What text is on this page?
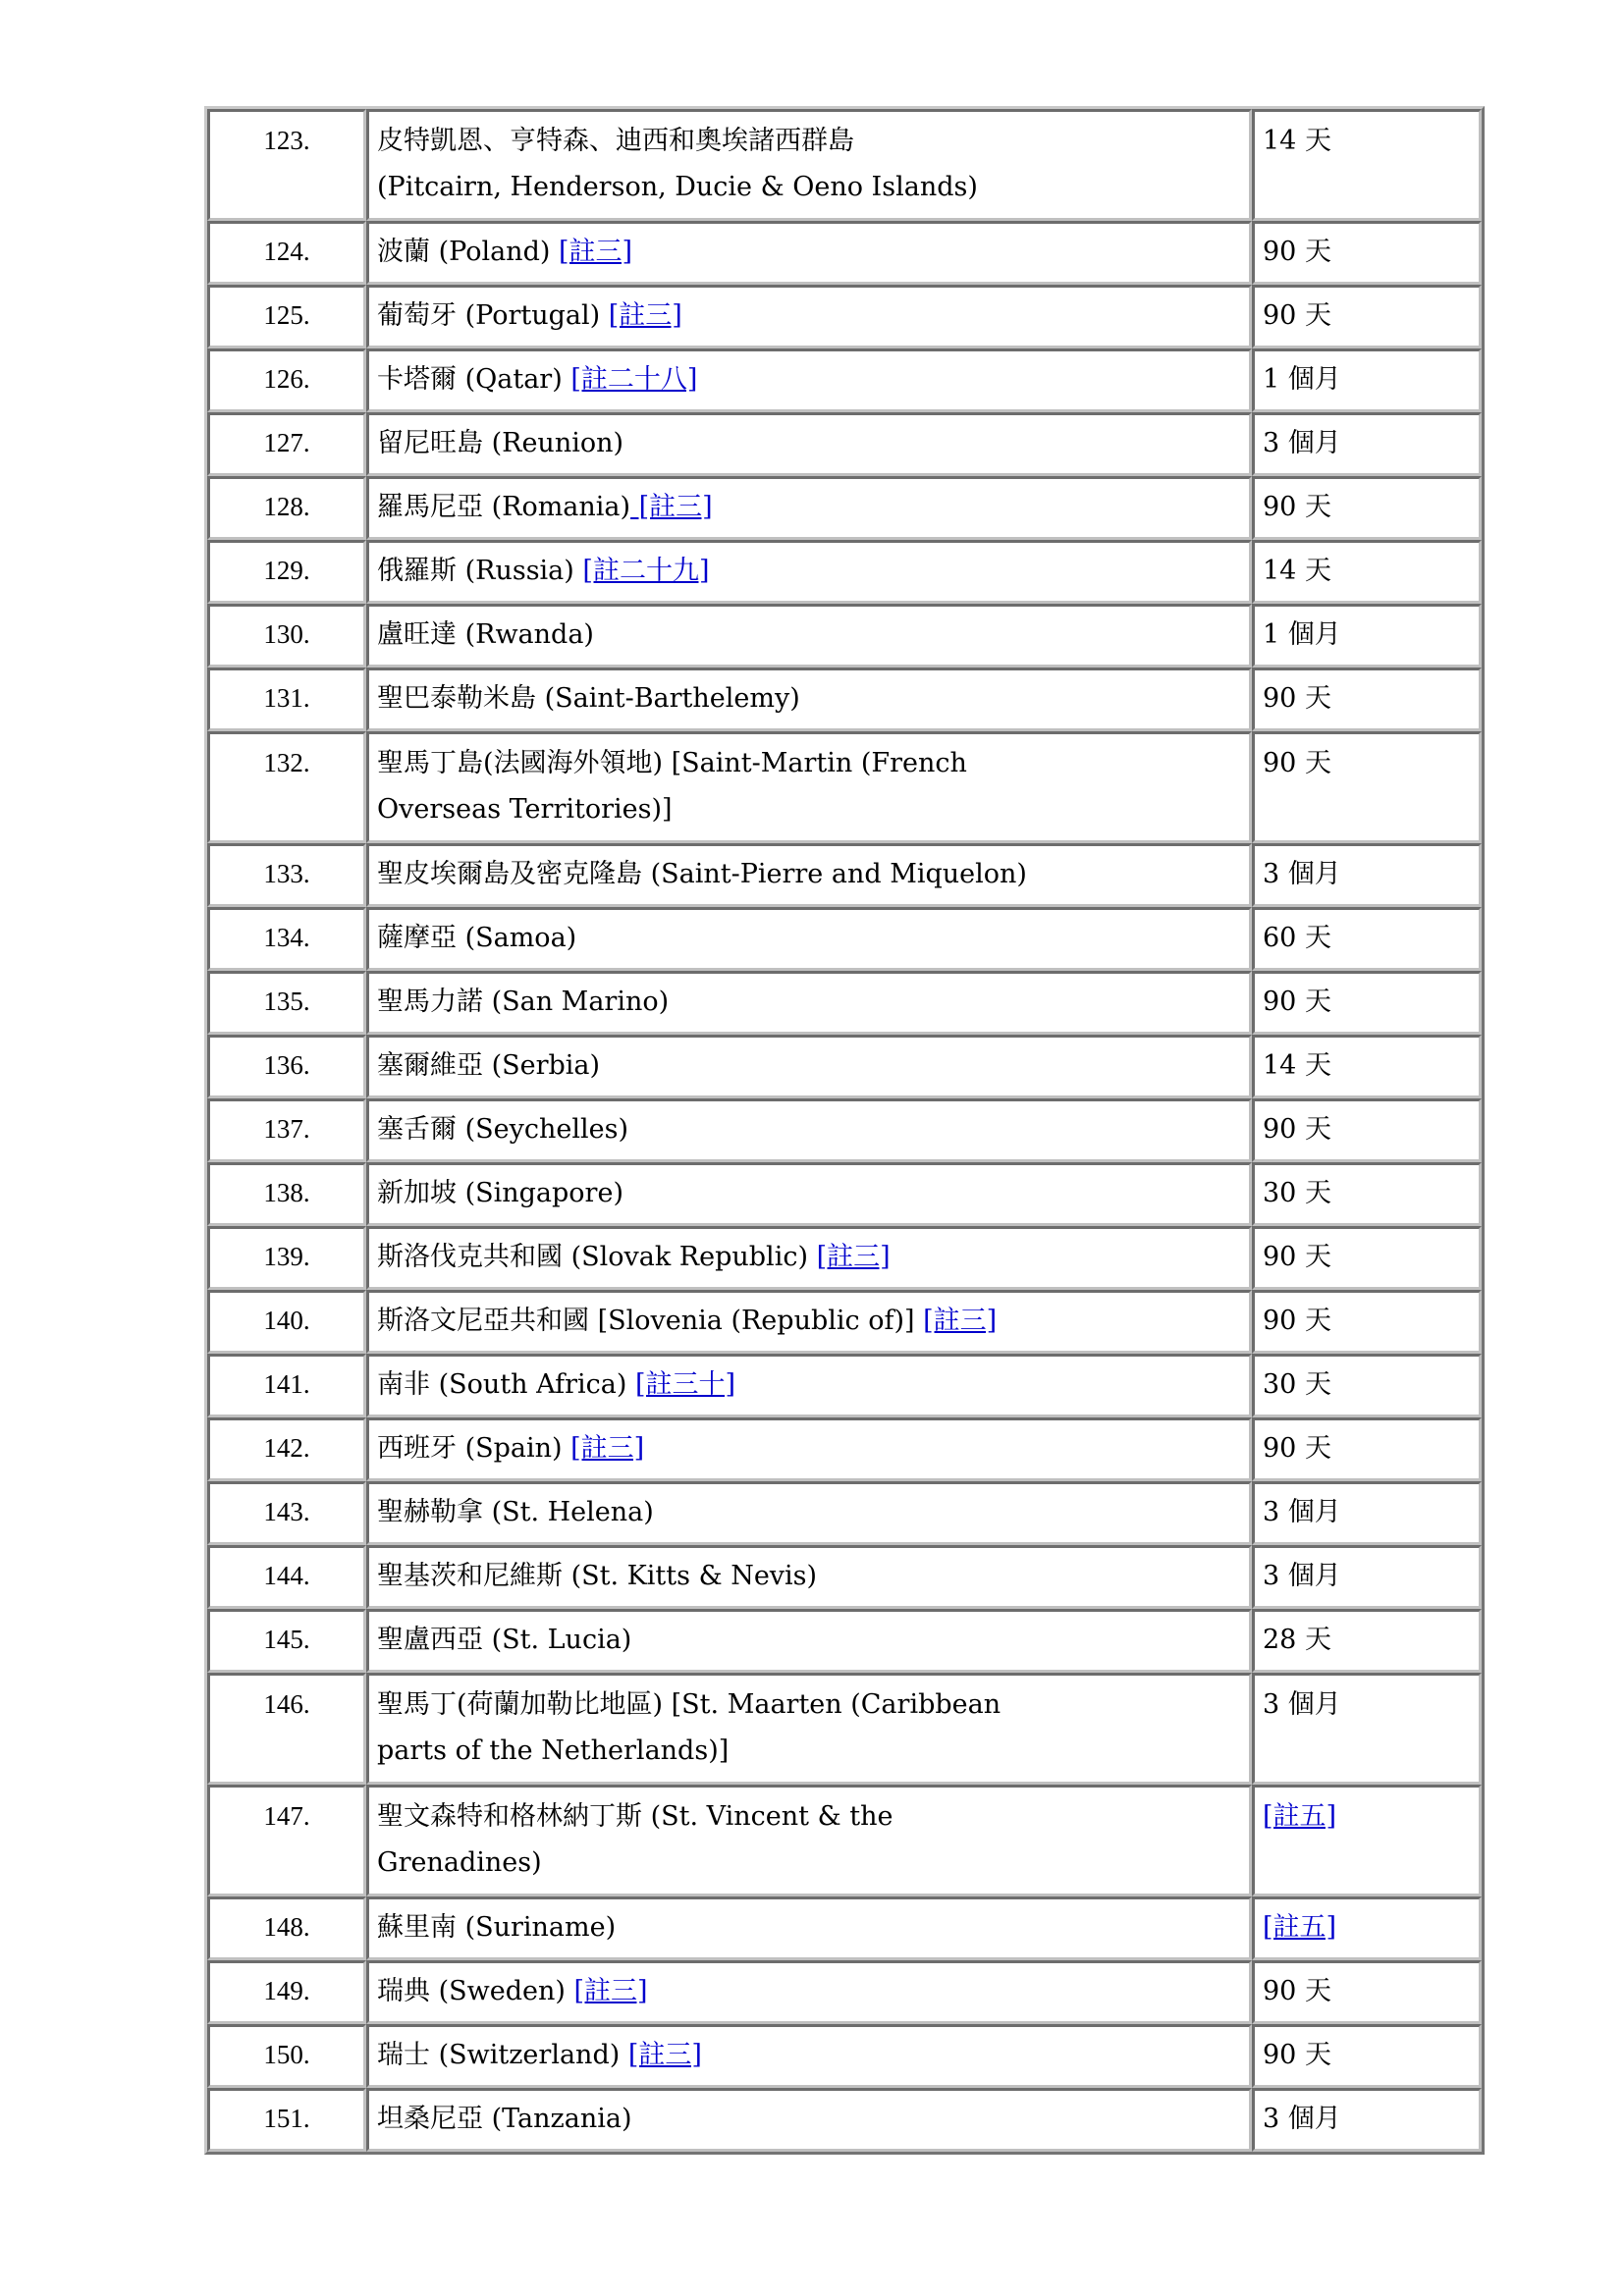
123.	皮特凱恩、亨特森、迪西和奧埃諸西群島
(Pitcairn, Henderson, Ducie & Oeno Islands)	14 天
124.	波蘭 (Poland) [註三]	90 天
125.	葡萄牙 (Portugal) [註三]	90 天
126.	卡塔爾 (Qatar) [註二十八]	1 個月
127.	留尼旺島 (Reunion)	3 個月
128.	羅馬尼亞 (Romania) [註三]	90 天
129.	俄羅斯 (Russia) [註二十九]	14 天
130.	盧旺達 (Rwanda)	1 個月
131.	聖巴泰勒米島 (Saint-Barthelemy)	90 天
132.	聖馬丁島(法國海外領地) [Saint-Martin (French
Overseas Territories)]	90 天
133.	聖皮埃爾島及密克隆島 (Saint-Pierre and Miquelon)	3 個月
134.	薩摩亞 (Samoa)	60 天
135.	聖馬力諾 (San Marino)	90 天
136.	塞爾維亞 (Serbia)	14 天
137.	塞舌爾 (Seychelles)	90 天
138.	新加坡 (Singapore)	30 天
139.	斯洛伐克共和國 (Slovak Republic) [註三]	90 天
140.	斯洛文尼亞共和國 [Slovenia (Republic of)] [註三]	90 天
141.	南非 (South Africa) [註三十]	30 天
142.	西班牙 (Spain) [註三]	90 天
143.	聖赫勒拿 (St. Helena)	3 個月
144.	聖基茨和尼維斯 (St. Kitts & Nevis)	3 個月
145.	聖盧西亞 (St. Lucia)	28 天
146.	聖馬丁(荷蘭加勒比地區) [St. Maarten (Caribbean
parts of the Netherlands)]	3 個月
147.	聖文森特和格林納丁斯 (St. Vincent & the
Grenadines)	[註五]
148.	蘇里南 (Suriname)	[註五]
149.	瑞典 (Sweden) [註三]	90 天
150.	瑞士 (Switzerland) [註三]	90 天
151.	坦桑尼亞 (Tanzania)	3 個月
